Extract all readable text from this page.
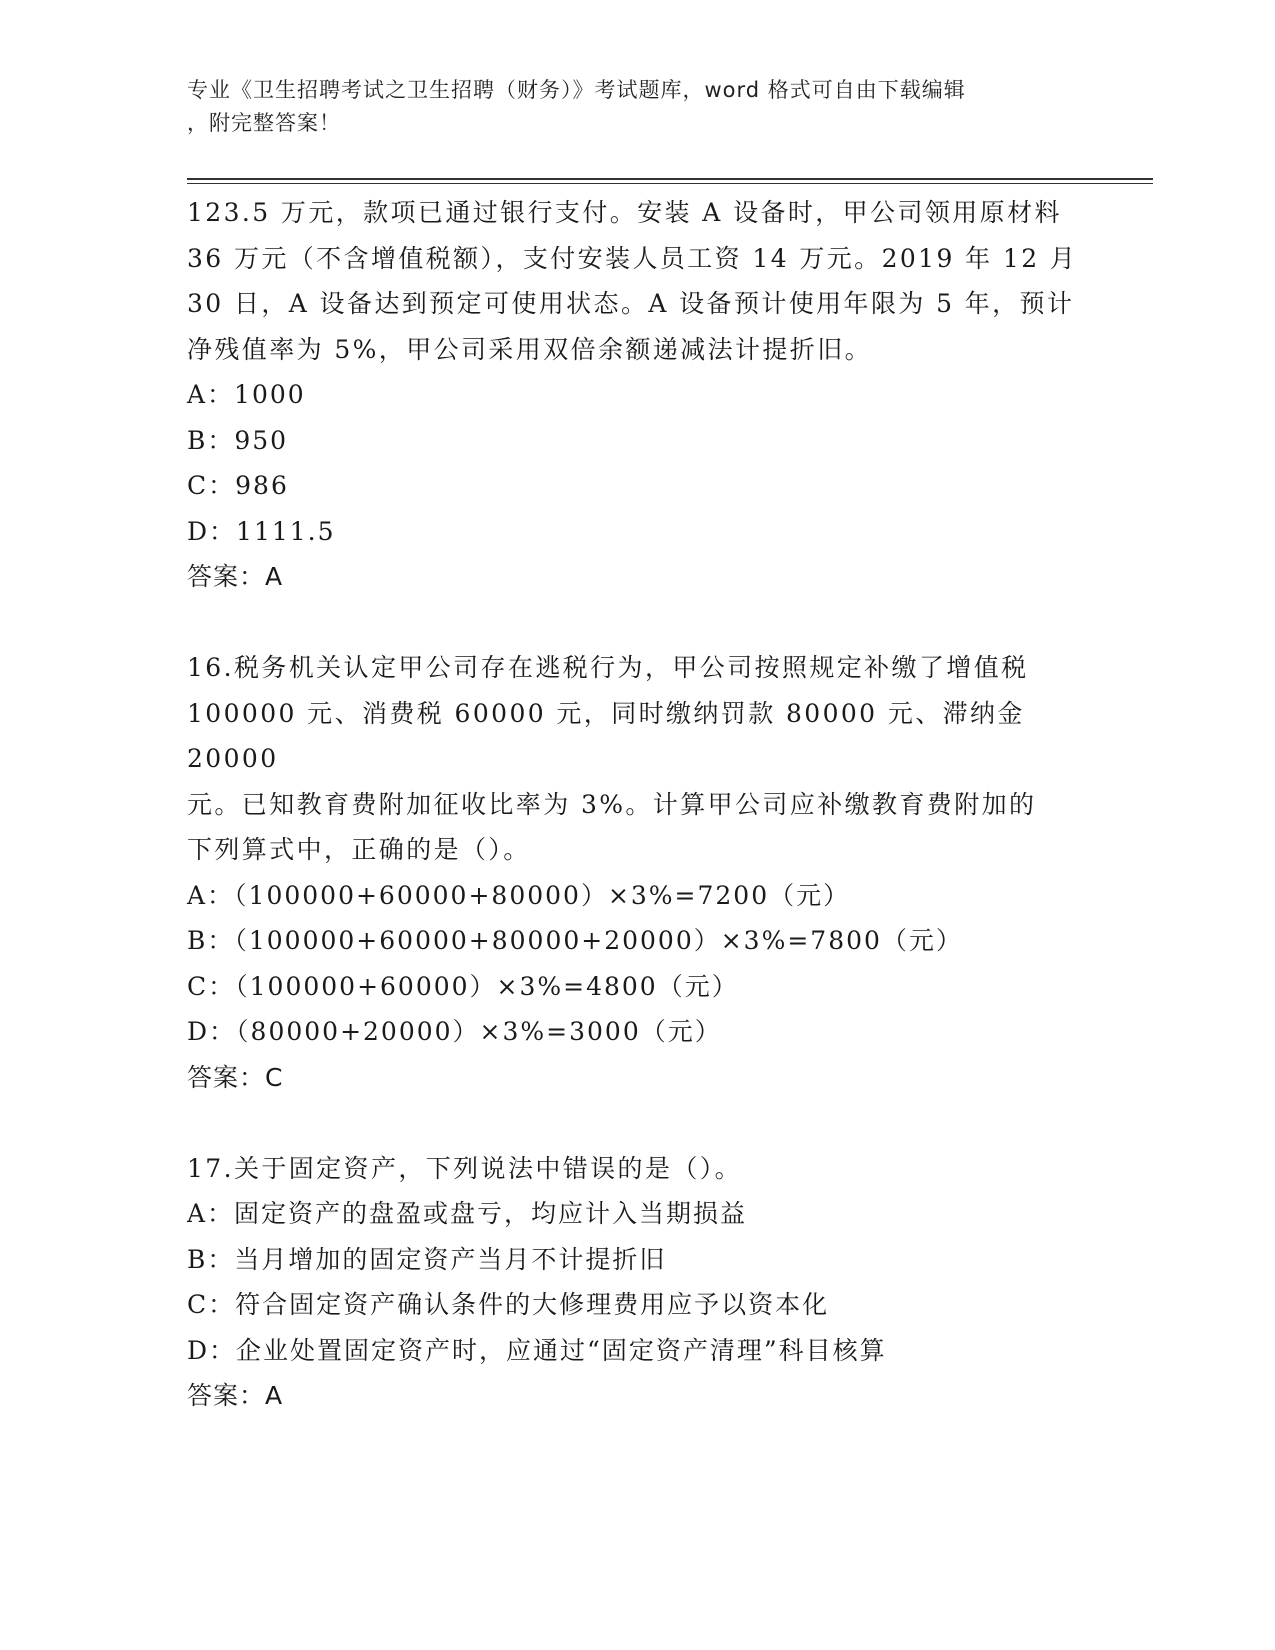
专业《卫生招聘考试之卫生招聘（财务）》考试题库，word 格式可自由下载编辑
，附完整答案！

123.5 万元，款项已通过银行支付。安装 A 设备时，甲公司领用原材料

36 万元（不含增值税额），支付安装人员工资 14 万元。2019 年 12 月

30 日，A 设备达到预定可使用状态。A 设备预计使用年限为 5 年，预计

净残值率为 5%，甲公司采用双倍余额递减法计提折旧。

A：1000

B：950

C：986

D：1111.5

答案：A

16.税务机关认定甲公司存在逃税行为，甲公司按照规定补缴了增值税

100000 元、消费税 60000 元，同时缴纳罚款 80000 元、滞纳金 20000

元。已知教育费附加征收比率为 3%。计算甲公司应补缴教育费附加的

下列算式中，正确的是（）。

A：（100000+60000+80000）×3%=7200（元）

B：（100000+60000+80000+20000）×3%=7800（元）

C：（100000+60000）×3%=4800（元）

D：（80000+20000）×3%=3000（元）

答案：C

17.关于固定资产，下列说法中错误的是（）。

A：固定资产的盘盈或盘亏，均应计入当期损益

B：当月增加的固定资产当月不计提折旧

C：符合固定资产确认条件的大修理费用应予以资本化

D：企业处置固定资产时，应通过“固定资产清理”科目核算

答案：A
